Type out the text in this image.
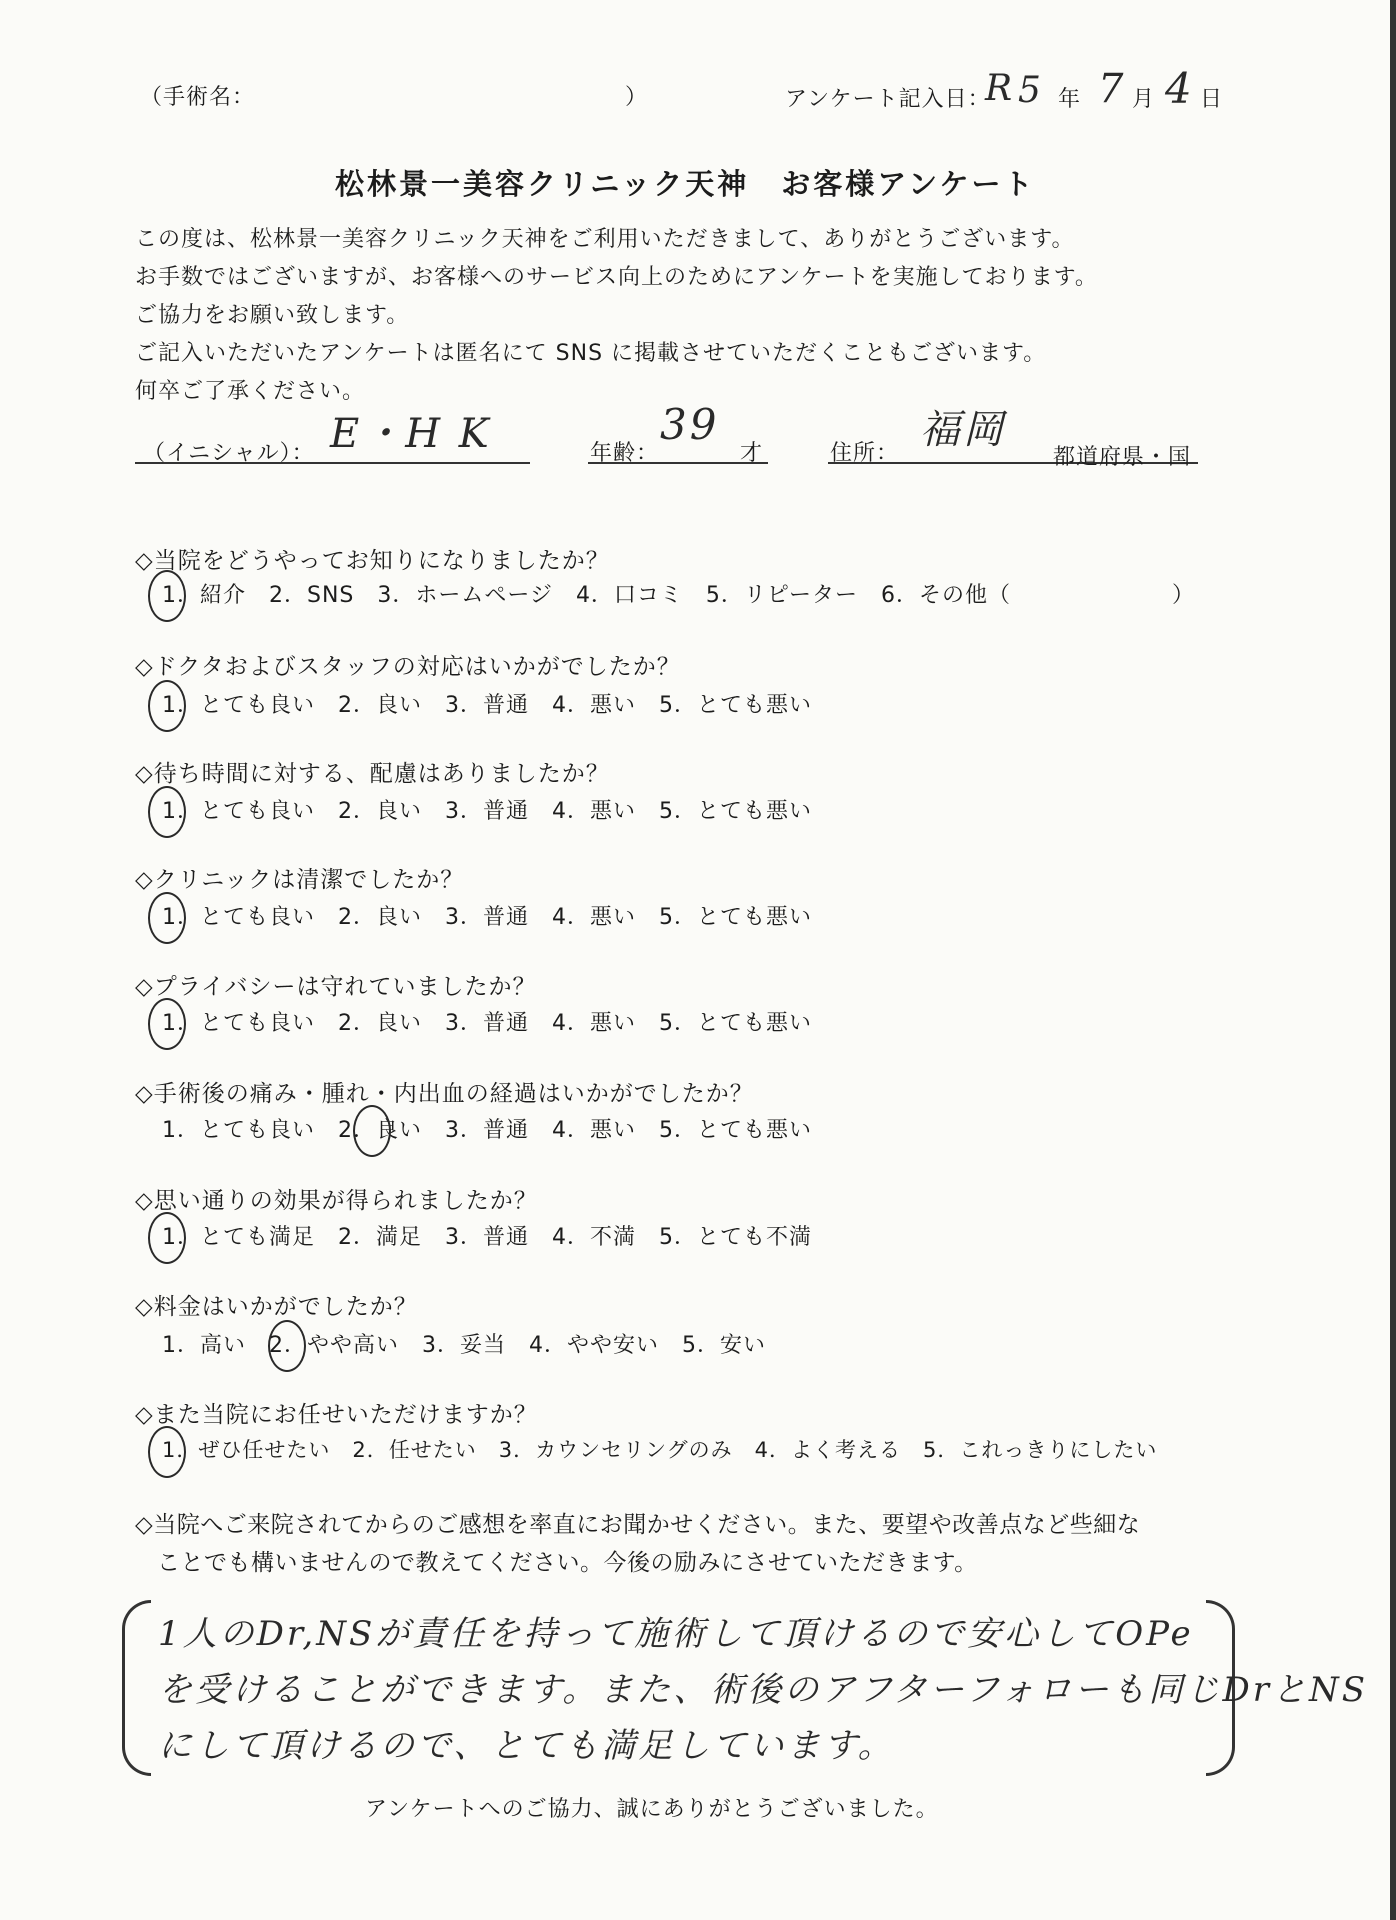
（手術名：	）	アンケート記入日：
R 5 年 7 月 4 日
松林景一美容クリニック天神　お客様アンケート
この度は、松林景一美容クリニック天神をご利用いただきまして、ありがとうございます。
お手数ではございますが、お客様へのサービス向上のためにアンケートを実施しております。
ご協力をお願い致します。
ご記入いただいたアンケートは匿名にて SNS に掲載させていただくこともございます。
何卒ご了承ください。
（イニシャル）： E・H K	年齢：
39
才	住所：
福岡
都道府県・国
◇当院をどうやってお知りになりましたか？
1．紹介　2．SNS　3．ホームページ　4．口コミ　5．リピーター　6．その他（　　　　　　　）
◇ドクタおよびスタッフの対応はいかがでしたか？
1．とても良い　2．良い　3．普通　4．悪い　5．とても悪い
◇待ち時間に対する、配慮はありましたか？
1．とても良い　2．良い　3．普通　4．悪い　5．とても悪い
◇クリニックは清潔でしたか？
1．とても良い　2．良い　3．普通　4．悪い　5．とても悪い
◇プライバシーは守れていましたか？
1．とても良い　2．良い　3．普通　4．悪い　5．とても悪い
◇手術後の痛み・腫れ・内出血の経過はいかがでしたか？
1．とても良い　2．良い　3．普通　4．悪い　5．とても悪い
◇思い通りの効果が得られましたか？
1．とても満足　2．満足　3．普通　4．不満　5．とても不満
◇料金はいかがでしたか？
1．高い　2．やや高い　3．妥当　4．やや安い　5．安い
◇また当院にお任せいただけますか？
1．ぜひ任せたい　2．任せたい　3．カウンセリングのみ　4．よく考える　5．これっきりにしたい
◇当院へご来院されてからのご感想を率直にお聞かせください。また、要望や改善点など些細な
ことでも構いませんので教えてください。今後の励みにさせていただきます。
1人のDr,NSが責任を持って施術して頂けるので安心してOPe
を受けることができます。また、術後のアフターフォローも同じDrとNS
にして頂けるので、とても満足しています。
アンケートへのご協力、誠にありがとうございました。
